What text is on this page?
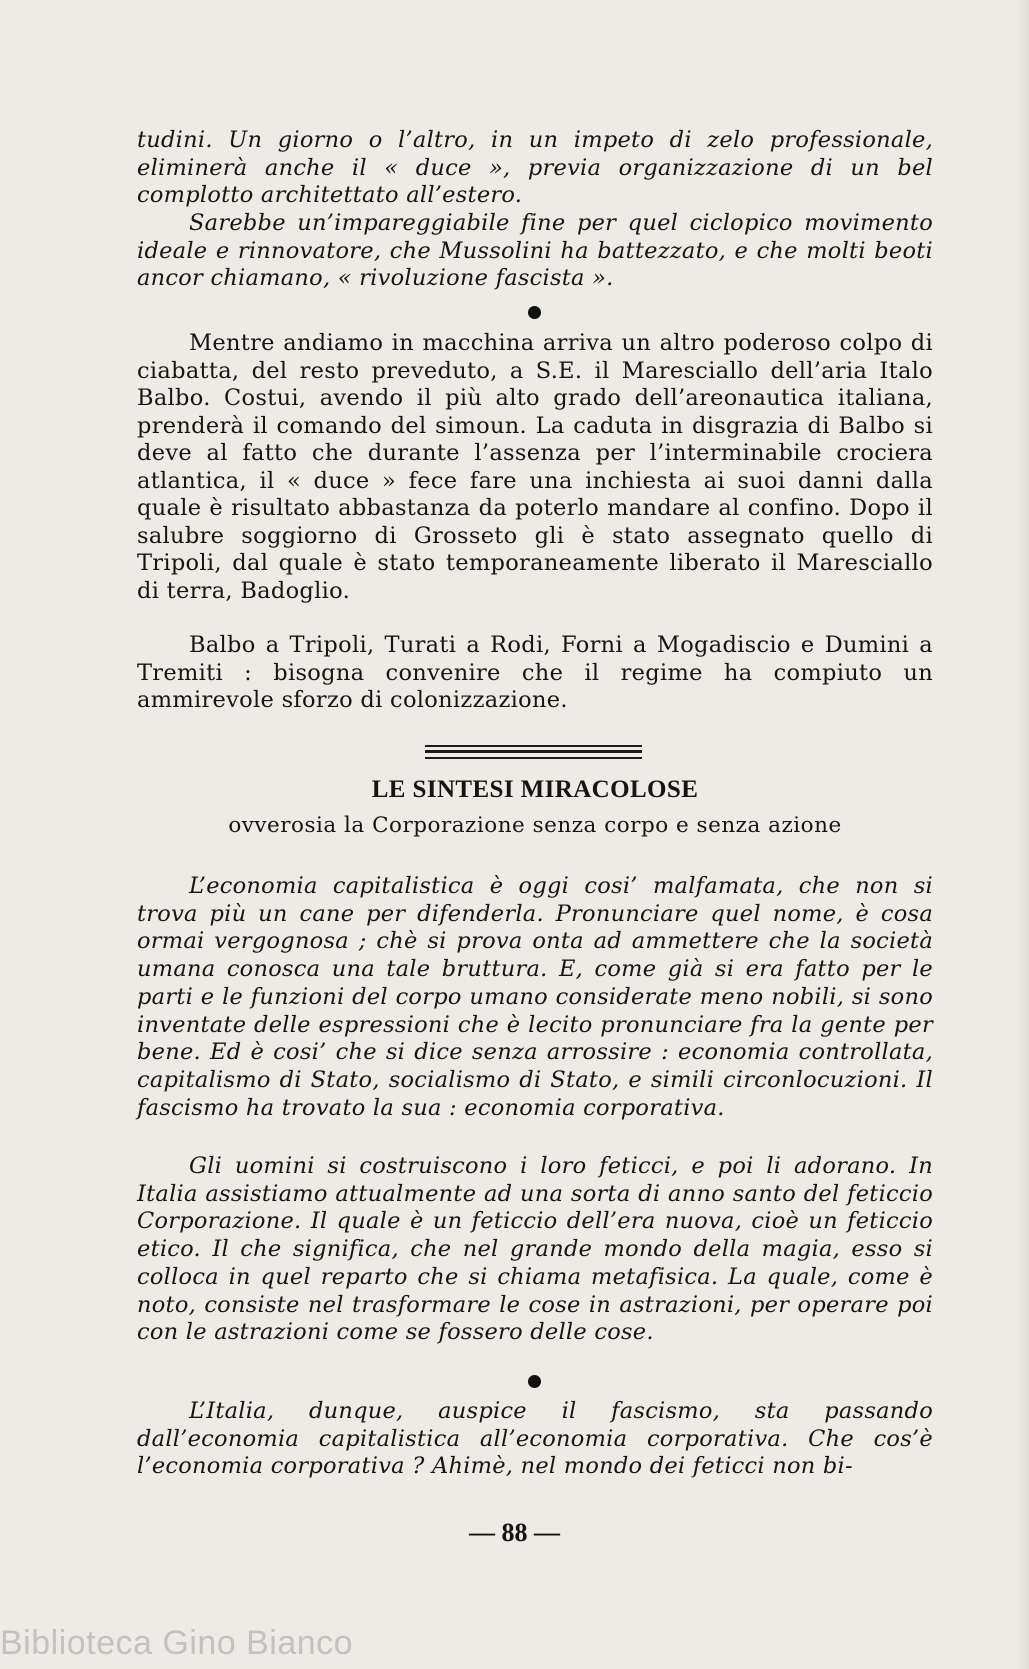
tudini. Un giorno o l’altro, in un impeto di zelo professionale, eliminerà anche il « duce », previa organizzazione di un bel complotto architettato all’estero.

Sarebbe un’impareggiabile fine per quel ciclopico movimento ideale e rinnovatore, che Mussolini ha battezzato, e che molti beoti ancor chiamano, « rivoluzione fascista ».

Mentre andiamo in macchina arriva un altro poderoso colpo di ciabatta, del resto preveduto, a S.E. il Maresciallo dell’aria Italo Balbo. Costui, avendo il più alto grado dell’areonautica italiana, prenderà il comando del simoun. La caduta in disgrazia di Balbo si deve al fatto che durante l’assenza per l’interminabile crociera atlantica, il « duce » fece fare una inchiesta ai suoi danni dalla quale è risultato abbastanza da poterlo mandare al confino. Dopo il salubre soggiorno di Grosseto gli è stato assegnato quello di Tripoli, dal quale è stato temporaneamente liberato il Maresciallo di terra, Badoglio.

Balbo a Tripoli, Turati a Rodi, Forni a Mogadiscio e Dumini a Tremiti : bisogna convenire che il regime ha compiuto un ammirevole sforzo di colonizzazione.

LE SINTESI MIRACOLOSE

ovverosia la Corporazione senza corpo e senza azione

L’economia capitalistica è oggi cosi’ malfamata, che non si trova più un cane per difenderla. Pronunciare quel nome, è cosa ormai vergognosa ; chè si prova onta ad ammettere che la società umana conosca una tale bruttura. E, come già si era fatto per le parti e le funzioni del corpo umano considerate meno nobili, si sono inventate delle espressioni che è lecito pronunciare fra la gente per bene. Ed è cosi’ che si dice senza arrossire : economia controllata, capitalismo di Stato, socialismo di Stato, e simili circonlocuzioni. Il fascismo ha trovato la sua : economia corporativa.

Gli uomini si costruiscono i loro feticci, e poi li adorano. In Italia assistiamo attualmente ad una sorta di anno santo del feticcio Corporazione. Il quale è un feticcio dell’era nuova, cioè un feticcio etico. Il che significa, che nel grande mondo della magia, esso si colloca in quel reparto che si chiama metafisica. La quale, come è noto, consiste nel trasformare le cose in astrazioni, per operare poi con le astrazioni come se fossero delle cose.

L’Italia, dunque, auspice il fascismo, sta passando dall’economia capitalistica all’economia corporativa. Che cos’è l’economia corporativa ? Ahimè, nel mondo dei feticci non bi-

— 88 —

Biblioteca Gino Bianco
